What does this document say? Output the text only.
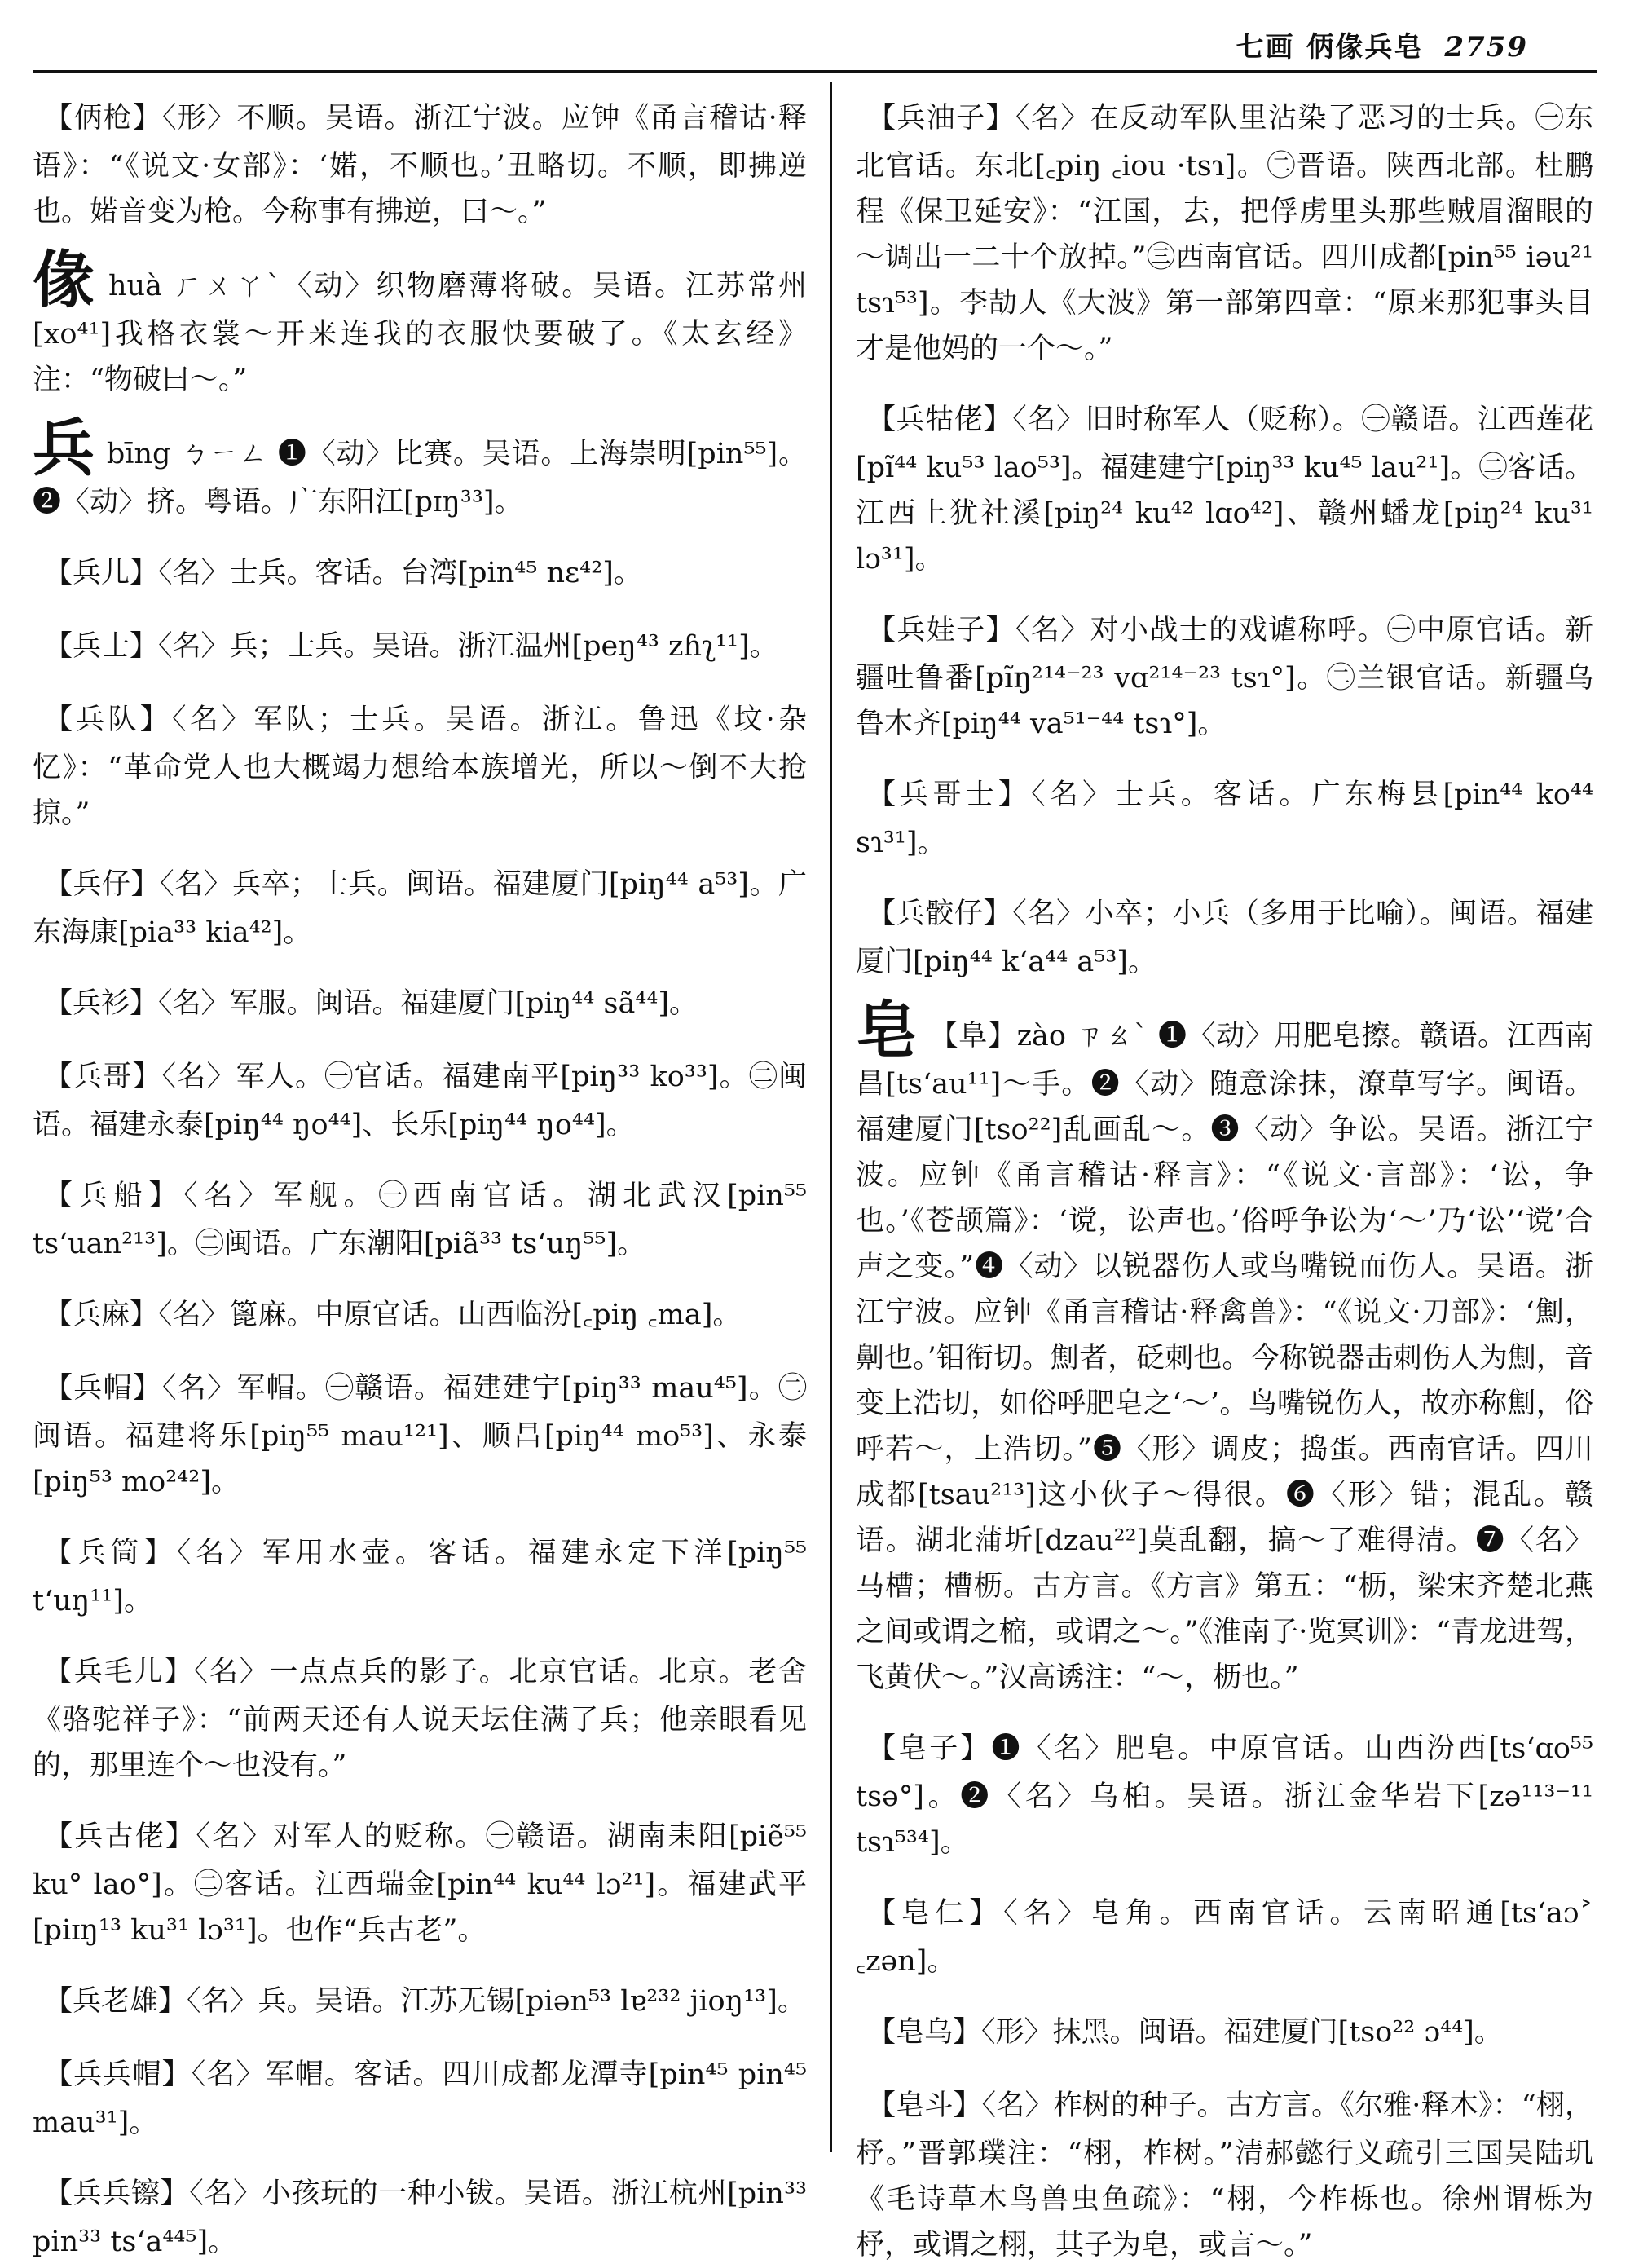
七画 㑂㑰兵皂 2759
【㑂枪】〈形〉不顺。吴语。浙江宁波。应钟《甬言稽诂·释语》：“《说文·女部》：‘婼，不顺也。’丑略切。不顺，即拂逆也。婼音变为枪。今称事有拂逆，曰～。”
㑰huà ㄏㄨㄚˋ〈动〉织物磨薄将破。吴语。江苏常州[xo⁴¹]我格衣裳～开来连我的衣服快要破了。《太玄经》注：“物破曰～。”
兵bīng ㄅㄧㄥ ❶〈动〉比赛。吴语。上海崇明[pin⁵⁵]。❷〈动〉挤。粤语。广东阳江[pɪŋ³³]。
【兵儿】〈名〉士兵。客话。台湾[pin⁴⁵ nɛ⁴²]。
【兵士】〈名〉兵；士兵。吴语。浙江温州[peŋ⁴³ zɦʅ¹¹]。
【兵队】〈名〉军队；士兵。吴语。浙江。鲁迅《坟·杂忆》：“革命党人也大概竭力想给本族增光，所以～倒不大抢掠。”
【兵仔】〈名〉兵卒；士兵。闽语。福建厦门[piŋ⁴⁴ a⁵³]。广东海康[pia³³ kia⁴²]。
【兵衫】〈名〉军服。闽语。福建厦门[piŋ⁴⁴ sã⁴⁴]。
【兵哥】〈名〉军人。㊀官话。福建南平[piŋ³³ ko³³]。㊁闽语。福建永泰[piŋ⁴⁴ ŋo⁴⁴]、长乐[piŋ⁴⁴ ŋo⁴⁴]。
【兵船】〈名〉军舰。㊀西南官话。湖北武汉[pin⁵⁵ tsʻuan²¹³]。㊁闽语。广东潮阳[piã³³ tsʻuŋ⁵⁵]。
【兵麻】〈名〉篦麻。中原官话。山西临汾[꜀piŋ ꜀ma]。
【兵帽】〈名〉军帽。㊀赣语。福建建宁[piŋ³³ mau⁴⁵]。㊁闽语。福建将乐[piŋ⁵⁵ mau¹²¹]、顺昌[piŋ⁴⁴ mo⁵³]、永泰[piŋ⁵³ mo²⁴²]。
【兵筒】〈名〉军用水壶。客话。福建永定下洋[piŋ⁵⁵ tʻuŋ¹¹]。
【兵毛儿】〈名〉一点点兵的影子。北京官话。北京。老舍《骆驼祥子》：“前两天还有人说天坛住满了兵；他亲眼看见的，那里连个～也没有。”
【兵古佬】〈名〉对军人的贬称。㊀赣语。湖南耒阳[piẽ⁵⁵ ku° lao°]。㊁客话。江西瑞金[pin⁴⁴ ku⁴⁴ lɔ²¹]。福建武平[piɪŋ¹³ ku³¹ lɔ³¹]。也作“兵古老”。
【兵老雄】〈名〉兵。吴语。江苏无锡[piən⁵³ lɐ²³² jioŋ¹³]。
【兵兵帽】〈名〉军帽。客话。四川成都龙潭寺[pin⁴⁵ pin⁴⁵ mau³¹]。
【兵兵镲】〈名〉小孩玩的一种小钹。吴语。浙江杭州[pin³³ pin³³ tsʻa⁴⁴⁵]。
【兵油子】〈名〉在反动军队里沾染了恶习的士兵。㊀东北官话。东北[꜀piŋ ꜀iou ·tsɿ]。㊁晋语。陕西北部。杜鹏程《保卫延安》：“江国，去，把俘虏里头那些贼眉溜眼的～调出一二十个放掉。”㊂西南官话。四川成都[pin⁵⁵ iəu²¹ tsɿ⁵³]。李劼人《大波》第一部第四章：“原来那犯事头目才是他妈的一个～。”
【兵牯佬】〈名〉旧时称军人（贬称）。㊀赣语。江西莲花[pĩ⁴⁴ ku⁵³ lao⁵³]。福建建宁[piŋ³³ ku⁴⁵ lau²¹]。㊁客话。江西上犹社溪[piŋ²⁴ ku⁴² lɑo⁴²]、赣州蟠龙[piŋ²⁴ ku³¹ lɔ³¹]。
【兵娃子】〈名〉对小战士的戏谑称呼。㊀中原官话。新疆吐鲁番[pĩŋ²¹⁴⁻²³ vɑ²¹⁴⁻²³ tsɿ°]。㊁兰银官话。新疆乌鲁木齐[piŋ⁴⁴ va⁵¹⁻⁴⁴ tsɿ°]。
【兵哥士】〈名〉士兵。客话。广东梅县[pin⁴⁴ ko⁴⁴ sɿ³¹]。
【兵骹仔】〈名〉小卒；小兵（多用于比喻）。闽语。福建厦门[piŋ⁴⁴ kʻa⁴⁴ a⁵³]。
皂 【阜】zào ㄗㄠˋ ❶〈动〉用肥皂擦。赣语。江西南昌[tsʻau¹¹]～手。❷〈动〉随意涂抹，潦草写字。闽语。福建厦门[tso²²]乱画乱～。❸〈动〉争讼。吴语。浙江宁波。应钟《甬言稽诂·释言》：“《说文·言部》：‘讼，争也。’《苍颉篇》：‘谠，讼声也。’俗呼争讼为‘～’乃‘讼’‘谠’合声之变。”❹〈动〉以锐器伤人或鸟嘴锐而伤人。吴语。浙江宁波。应钟《甬言稽诂·释禽兽》：“《说文·刀部》：‘劁，劓也。’钼衔切。劁者，砭刺也。今称锐器击刺伤人为劁，音变上浩切，如俗呼肥皂之‘～’。鸟嘴锐伤人，故亦称劁，俗呼若～，上浩切。”❺〈形〉调皮；捣蛋。西南官话。四川成都[tsau²¹³]这小伙子～得很。❻〈形〉错；混乱。赣语。湖北蒲圻[dzau²²]莫乱翻，搞～了难得清。❼〈名〉马槽；槽枥。古方言。《方言》第五：“枥，梁宋齐楚北燕之间或谓之樎，或谓之～。”《淮南子·览冥训》：“青龙进驾，飞黄伏～。”汉高诱注：“～，枥也。”
【皂子】❶〈名〉肥皂。中原官话。山西汾西[tsʻɑo⁵⁵ tsə°]。❷〈名〉乌桕。吴语。浙江金华岩下[zə¹¹³⁻¹¹ tsɿ⁵³⁴]。
【皂仁】〈名〉皂角。西南官话。云南昭通[tsʻaɔ˃ ꜀zən]。
【皂乌】〈形〉抹黑。闽语。福建厦门[tso²² ɔ⁴⁴]。
【皂斗】〈名〉柞树的种子。古方言。《尔雅·释木》：“栩，杼。”晋郭璞注：“栩，柞树。”清郝懿行义疏引三国吴陆玑《毛诗草木鸟兽虫鱼疏》：“栩，今柞栎也。徐州谓栎为杼，或谓之栩，其子为皂，或言～。”
